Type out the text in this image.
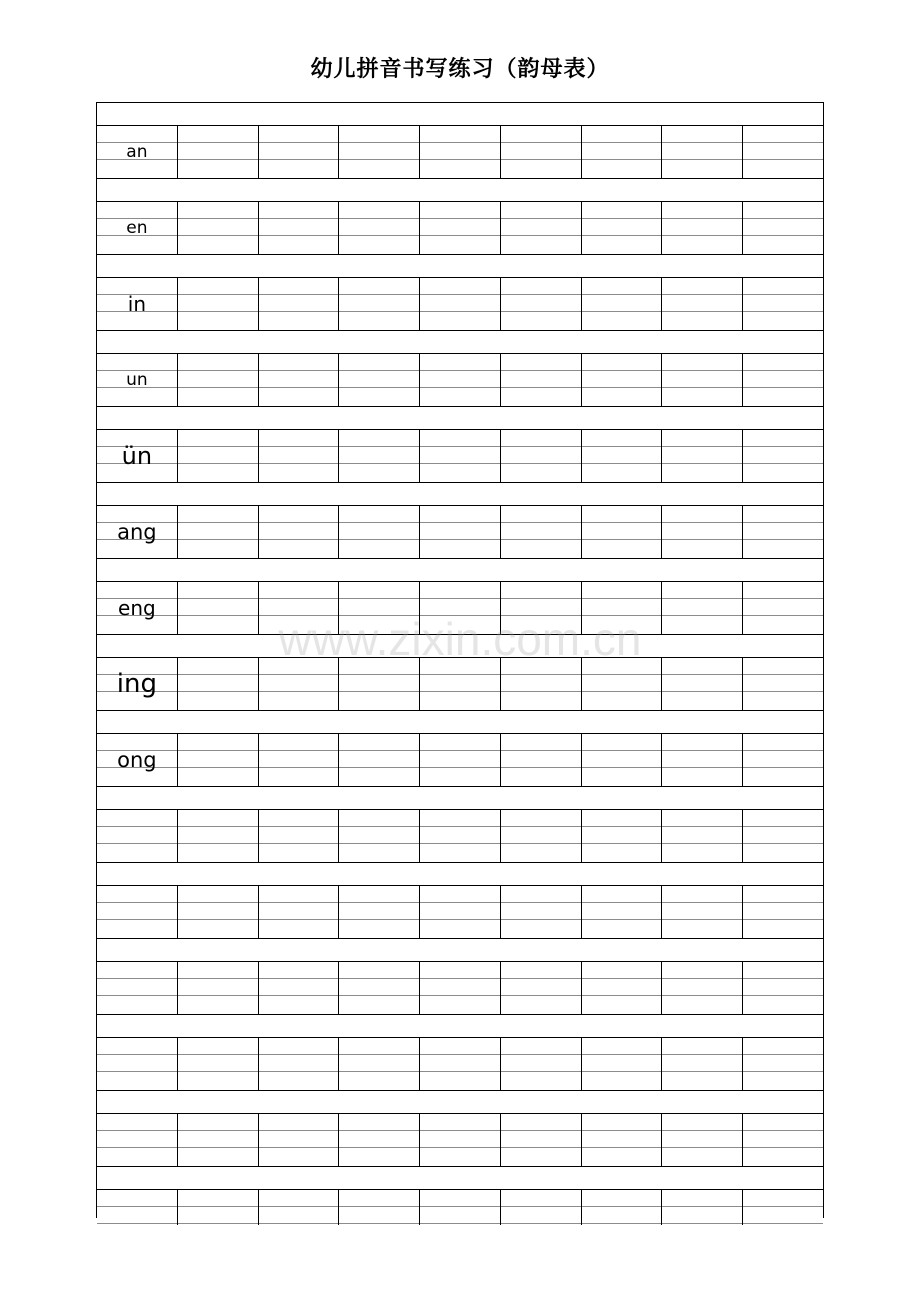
幼儿拼音书写练习（韵母表）
an
en
in
un
ün
ang
eng
ing
ong
www.zixin.com.cn
